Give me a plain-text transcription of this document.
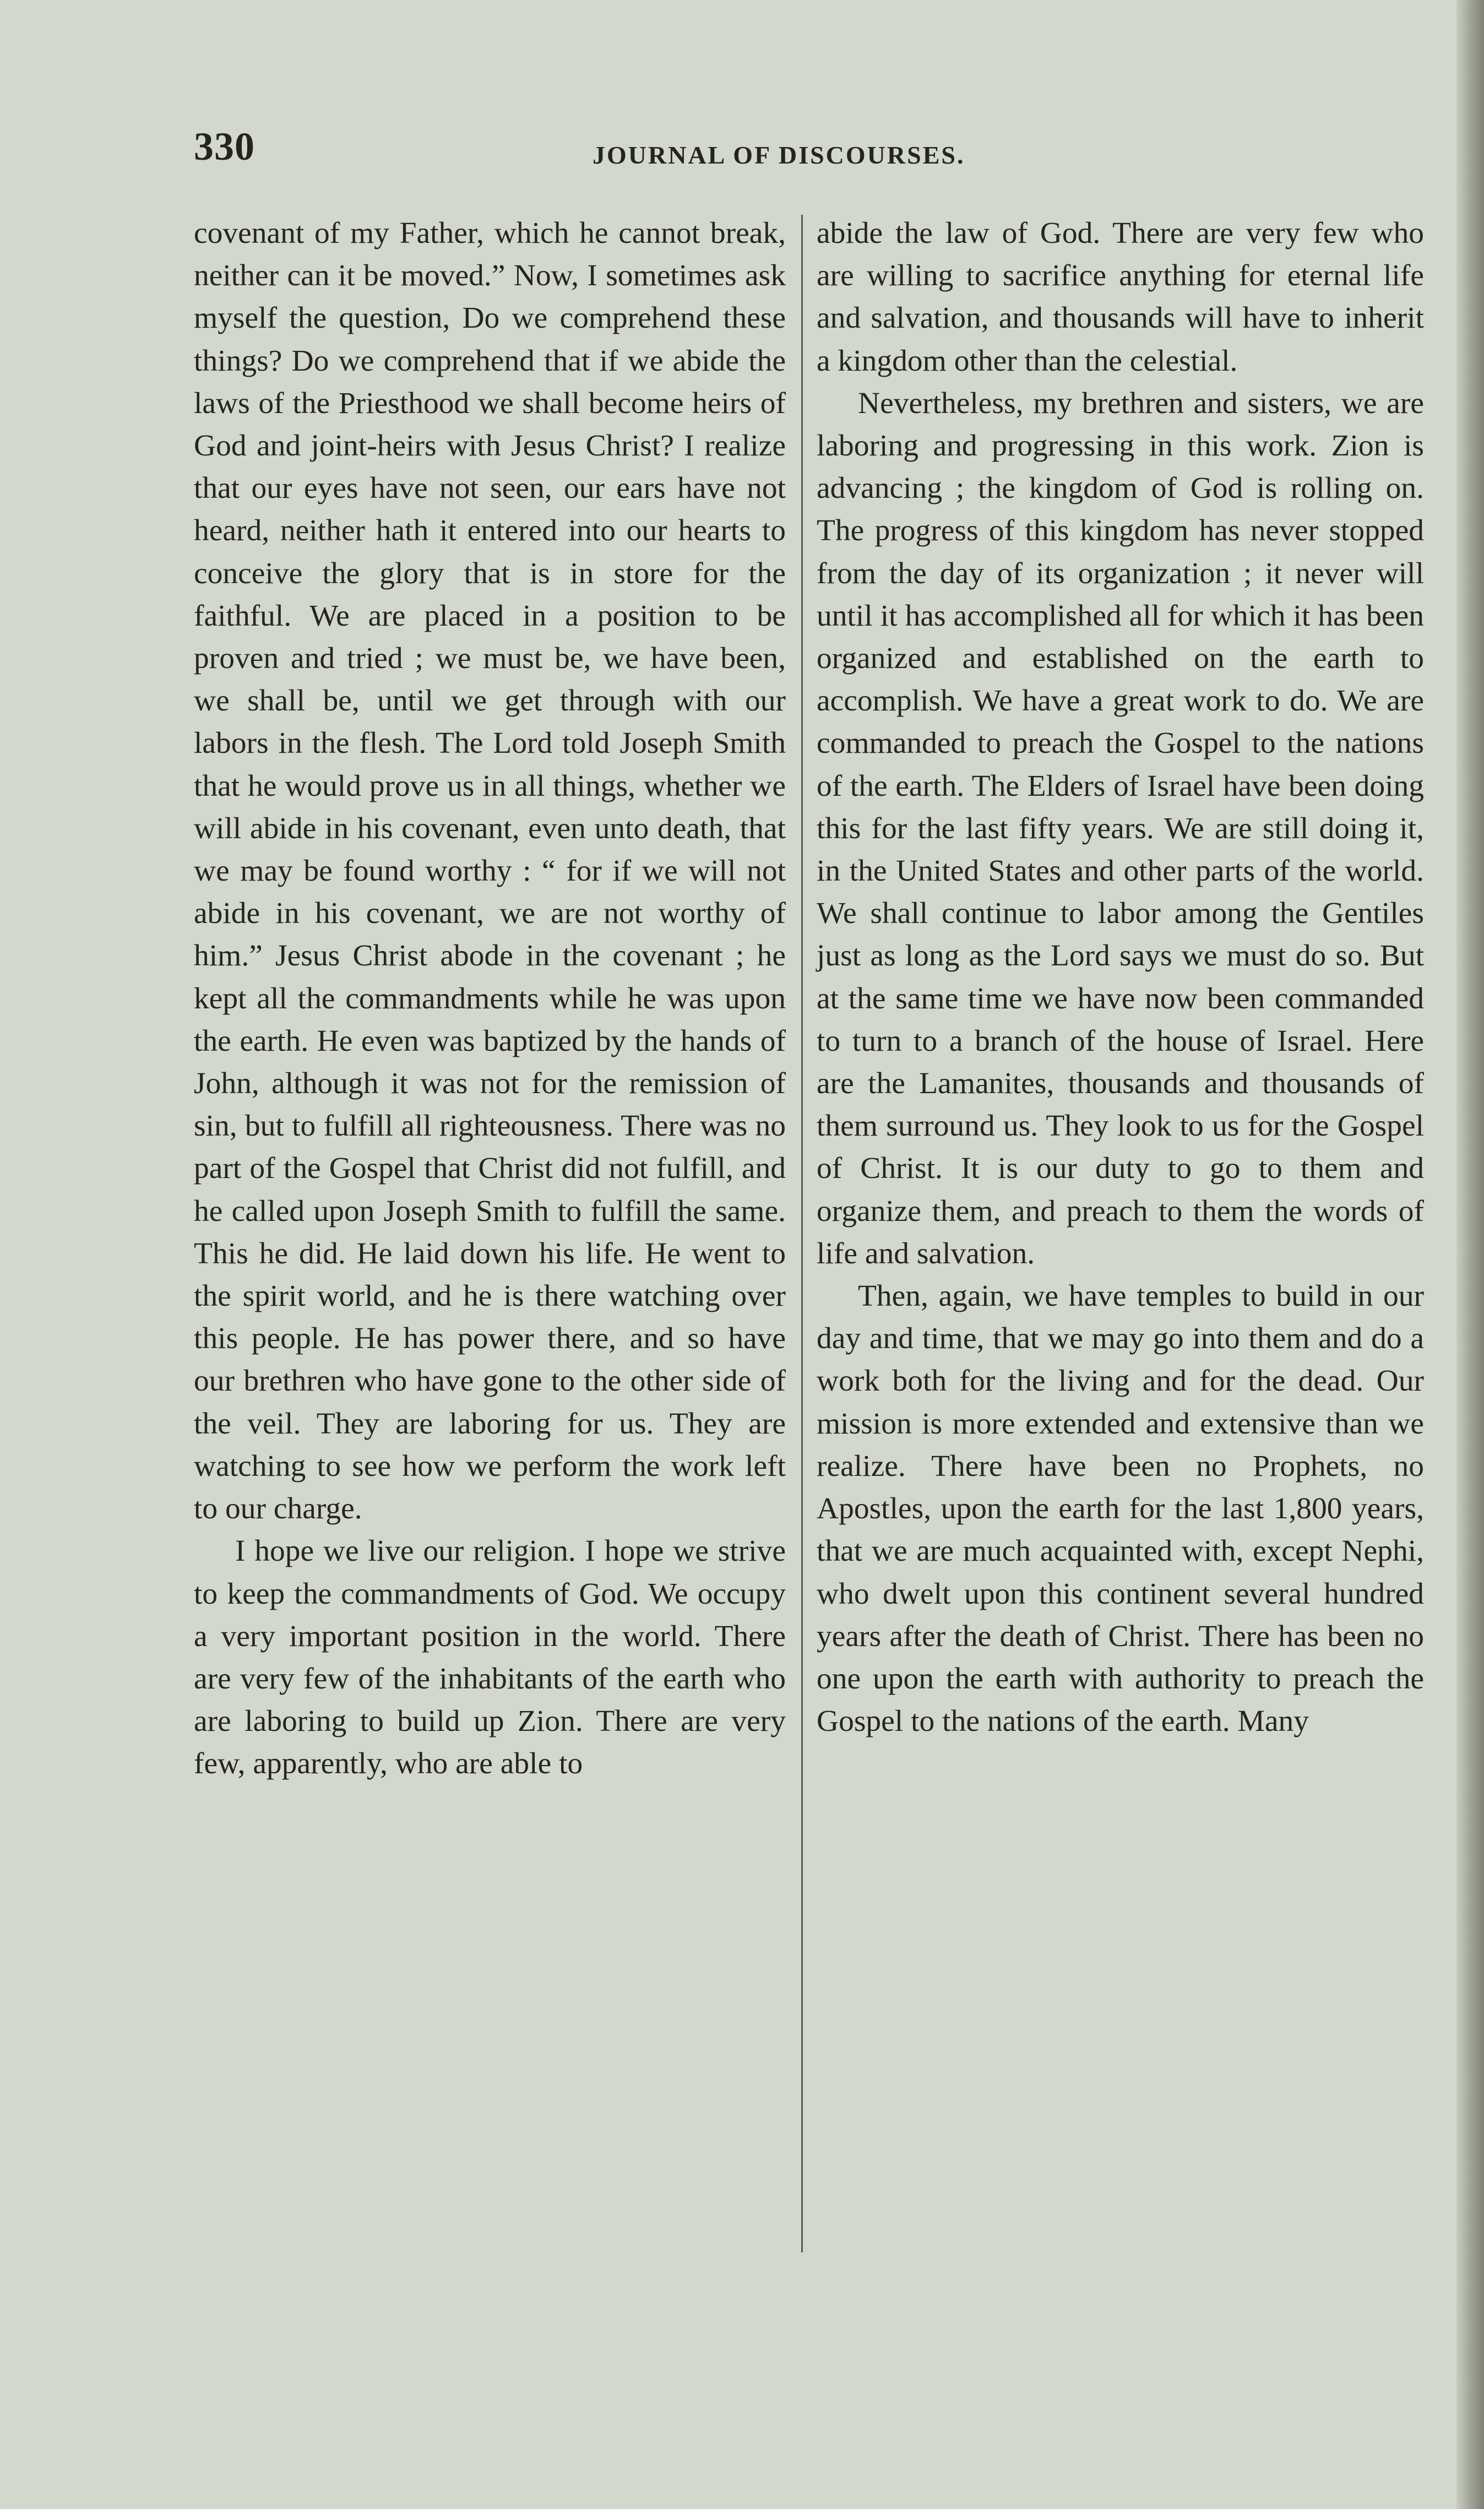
330	JOURNAL OF DISCOURSES.

covenant of my Father, which he cannot break, neither can it be moved.” Now, I sometimes ask myself the question, Do we comprehend these things? Do we comprehend that if we abide the laws of the Priesthood we shall become heirs of God and joint-heirs with Jesus Christ? I realize that our eyes have not seen, our ears have not heard, neither hath it entered into our hearts to conceive the glory that is in store for the faithful. We are placed in a position to be proven and tried ; we must be, we have been, we shall be, until we get through with our labors in the flesh. The Lord told Joseph Smith that he would prove us in all things, whether we will abide in his covenant, even unto death, that we may be found worthy : “ for if we will not abide in his covenant, we are not worthy of him.” Jesus Christ abode in the covenant ; he kept all the commandments while he was upon the earth. He even was baptized by the hands of John, although it was not for the remission of sin, but to fulfill all righteousness. There was no part of the Gospel that Christ did not fulfill, and he called upon Joseph Smith to fulfill the same. This he did. He laid down his life. He went to the spirit world, and he is there watching over this people. He has power there, and so have our brethren who have gone to the other side of the veil. They are laboring for us. They are watching to see how we perform the work left to our charge.

I hope we live our religion. I hope we strive to keep the commandments of God. We occupy a very important position in the world. There are very few of the inhabitants of the earth who are laboring to build up Zion. There are very few, apparently, who are able to

abide the law of God. There are very few who are willing to sacrifice anything for eternal life and salvation, and thousands will have to inherit a kingdom other than the celestial.

Nevertheless, my brethren and sisters, we are laboring and progressing in this work. Zion is advancing ; the kingdom of God is rolling on. The progress of this kingdom has never stopped from the day of its organization ; it never will until it has accomplished all for which it has been organized and established on the earth to accomplish. We have a great work to do. We are commanded to preach the Gospel to the nations of the earth. The Elders of Israel have been doing this for the last fifty years. We are still doing it, in the United States and other parts of the world. We shall continue to labor among the Gentiles just as long as the Lord says we must do so. But at the same time we have now been commanded to turn to a branch of the house of Israel. Here are the Lamanites, thousands and thousands of them surround us. They look to us for the Gospel of Christ. It is our duty to go to them and organize them, and preach to them the words of life and salvation.

Then, again, we have temples to build in our day and time, that we may go into them and do a work both for the living and for the dead. Our mission is more extended and extensive than we realize. There have been no Prophets, no Apostles, upon the earth for the last 1,800 years, that we are much acquainted with, except Nephi, who dwelt upon this continent several hundred years after the death of Christ. There has been no one upon the earth with authority to preach the Gospel to the nations of the earth. Many
